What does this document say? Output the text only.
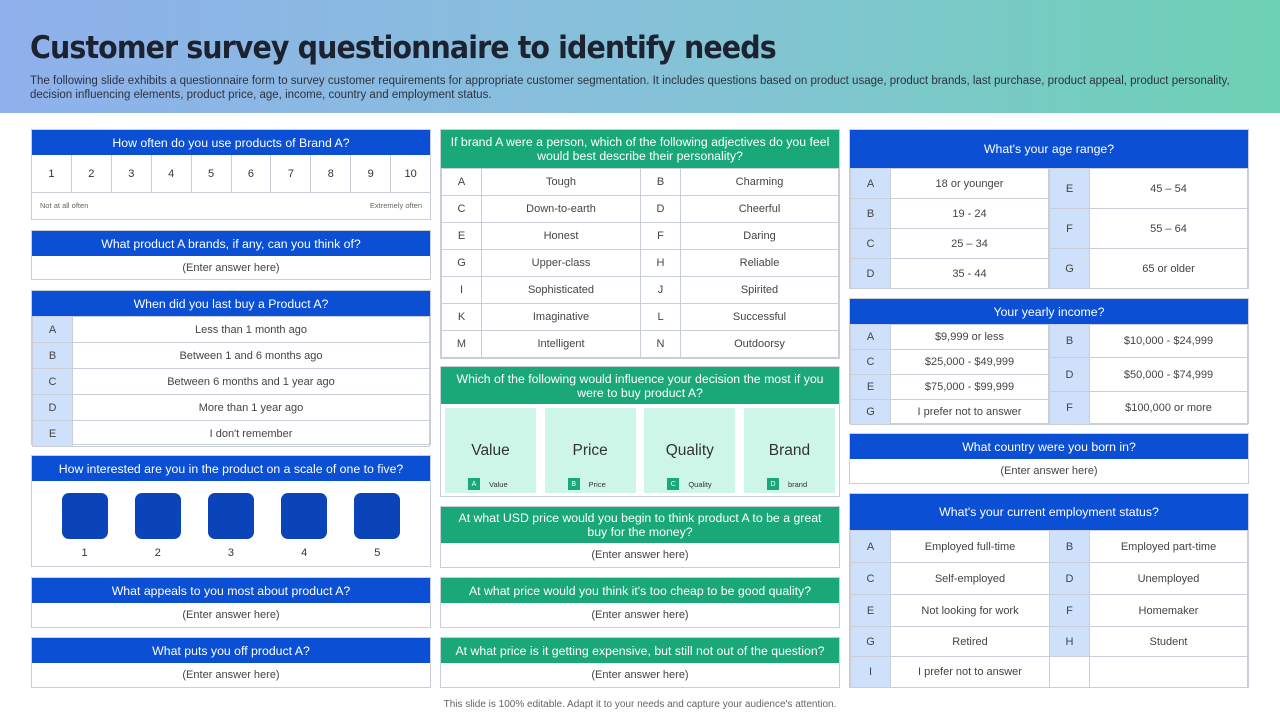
Customer survey questionnaire to identify needs
The following slide exhibits a questionnaire form to survey customer requirements for appropriate customer segmentation. It includes questions based on product usage, product brands, last purchase, product appeal, product personality, decision influencing elements, product price, age, income, country and employment status.
How often do you use products of Brand A?
1	2	3	4	5	6	7	8	9	10
Not at all often	Extremely often
What product A brands, if any, can you think of?
(Enter answer here)
When did you last buy a Product A?
A	Less than 1 month ago
B	Between 1 and 6 months ago
C	Between 6 months and 1 year ago
D	More than 1 year ago
E	I don't remember
How interested are you in the product on a scale of one to five?
1	2	3	4	5
What appeals to you most about product A?
(Enter answer here)
What puts you off product A?
(Enter answer here)
If brand A were a person, which of the following adjectives do you feel would best describe their personality?
A	Tough	B	Charming
C	Down-to-earth	D	Cheerful
E	Honest	F	Daring
G	Upper-class	H	Reliable
I	Sophisticated	J	Spirited
K	Imaginative	L	Successful
M	Intelligent	N	Outdoorsy
Which of the following would influence your decision the most if you were to buy product A?
Value
A	Value
Price
B	Price
Quality
C	Quality
Brand
D	brand
At what USD price would you begin to think product A to be a great buy for the money?
(Enter answer here)
At what price would you think it's too cheap to be good quality?
(Enter answer here)
At what price is it getting expensive, but still not out of the question?
(Enter answer here)
What's your age range?
A	18 or younger
B	19 - 24
C	25 – 34
D	35 - 44
E	45 – 54
F	55 – 64
G	65 or older
Your yearly income?
A	$9,999 or less
C	$25,000 - $49,999
E	$75,000 - $99,999
G	I prefer not to answer
B	$10,000 - $24,999
D	$50,000 - $74,999
F	$100,000 or more
What country were you born in?
(Enter answer here)
What's your current employment status?
A	Employed full-time	B	Employed part-time
C	Self-employed	D	Unemployed
E	Not looking for work	F	Homemaker
G	Retired	H	Student
I	I prefer not to answer		
This slide is 100% editable. Adapt it to your needs and capture your audience's attention.
